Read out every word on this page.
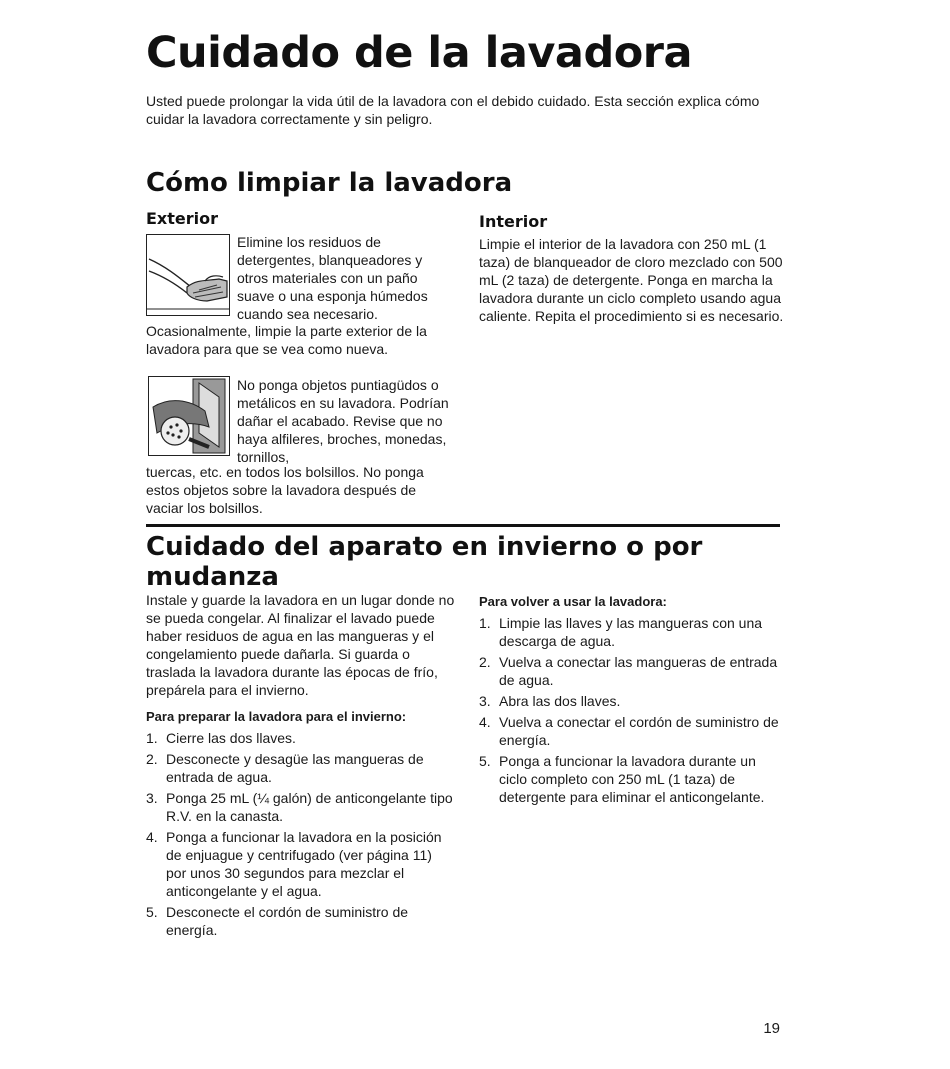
Cuidado de la lavadora

Usted puede prolongar la vida útil de la lavadora con el debido cuidado. Esta sección explica cómo cuidar la lavadora correctamente y sin peligro.

Cómo limpiar la lavadora
Exterior

Elimine los residuos de detergentes, blanqueadores y otros materiales con un paño suave o una esponja húmedos cuando sea necesario.

Ocasionalmente, limpie la parte exterior de la lavadora para que se vea como nueva.

No ponga objetos puntiagüdos o metálicos en su lavadora. Podrían dañar el acabado. Revise que no haya alfileres, broches, monedas, tornillos,

tuercas, etc. en todos los bolsillos. No ponga estos objetos sobre la lavadora después de vaciar los bolsillos.

Interior

Limpie el interior de la lavadora con 250 mL (1 taza) de blanqueador de cloro mezclado con 500 mL (2 taza) de detergente. Ponga en marcha la lavadora durante un ciclo completo usando agua caliente. Repita el procedimiento si es necesario.

Cuidado del aparato en invierno o por mudanza

Instale y guarde la lavadora en un lugar donde no se pueda congelar. Al finalizar el lavado puede haber residuos de agua en las mangueras y el congelamiento puede dañarla. Si guarda o traslada la lavadora durante las épocas de frío, prepárela para el invierno.

Para preparar la lavadora para el invierno:

1. Cierre las dos llaves.
2. Desconecte y desagüe las mangueras de entrada de agua.
3. Ponga 25 mL (¼ galón) de anticongelante tipo R.V. en la canasta.
4. Ponga a funcionar la lavadora en la posición de enjuague y centrifugado (ver página 11) por unos 30 segundos para mezclar el anticongelante y el agua.
5. Desconecte el cordón de suministro de energía.

Para volver a usar la lavadora:

1. Limpie las llaves y las mangueras con una descarga de agua.
2. Vuelva a conectar las mangueras de entrada de agua.
3. Abra las dos llaves.
4. Vuelva a conectar el cordón de suministro de energía.
5. Ponga a funcionar la lavadora durante un ciclo completo con 250 mL (1 taza) de detergente para eliminar el anticongelante.
19
